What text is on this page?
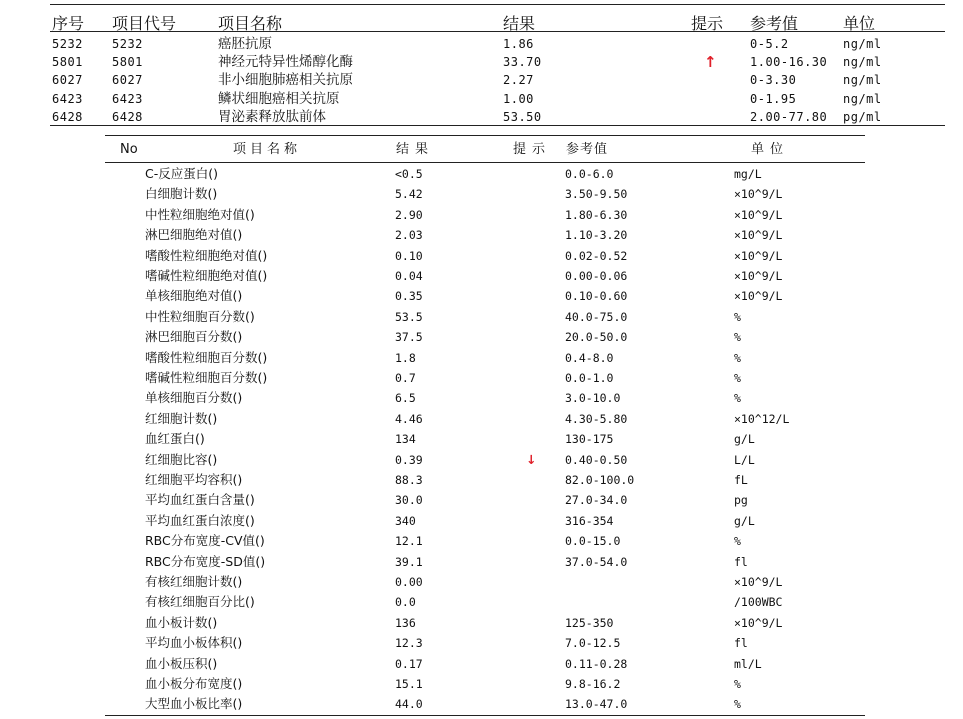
序号 项目代号	项目名称	结果	提示 参考值	单位
5232 5232	癌胚抗原	1.86	0-5.2	ng/ml
5801 5801	神经元特异性烯醇化酶	33.70	↑	1.00-16.30 ng/ml
6027 6027	非小细胞肺癌相关抗原	2.27	0-3.30	ng/ml
6423 6423	鳞状细胞癌相关抗原	1.00	0-1.95	ng/ml
6428 6428	胃泌素释放肽前体	53.50	2.00-77.80 pg/ml
No	项目名称	结果	提示 参考值	单位
C-反应蛋白()	<0.5	0.0-6.0	mg/L
白细胞计数()	5.42	3.50-9.50	×10^9/L
中性粒细胞绝对值()	2.90	1.80-6.30	×10^9/L
淋巴细胞绝对值()	2.03	1.10-3.20	×10^9/L
嗜酸性粒细胞绝对值()	0.10	0.02-0.52	×10^9/L
嗜碱性粒细胞绝对值()	0.04	0.00-0.06	×10^9/L
单核细胞绝对值()	0.35	0.10-0.60	×10^9/L
中性粒细胞百分数()	53.5	40.0-75.0	%
淋巴细胞百分数()	37.5	20.0-50.0	%
嗜酸性粒细胞百分数()	1.8	0.4-8.0	%
嗜碱性粒细胞百分数()	0.7	0.0-1.0	%
单核细胞百分数()	6.5	3.0-10.0	%
红细胞计数()	4.46	4.30-5.80	×10^12/L
血红蛋白()	134	130-175	g/L
红细胞比容()	0.39	↓ 0.40-0.50	L/L
红细胞平均容积()	88.3	82.0-100.0	fL
平均血红蛋白含量()	30.0	27.0-34.0	pg
平均血红蛋白浓度()	340	316-354	g/L
RBC分布宽度-CV值()	12.1	0.0-15.0	%
RBC分布宽度-SD值()	39.1	37.0-54.0	fl
有核红细胞计数()	0.00	×10^9/L
有核红细胞百分比()	0.0	/100WBC
血小板计数()	136	125-350	×10^9/L
平均血小板体积()	12.3	7.0-12.5	fl
血小板压积()	0.17	0.11-0.28	ml/L
血小板分布宽度()	15.1	9.8-16.2	%
大型血小板比率()	44.0	13.0-47.0	%
